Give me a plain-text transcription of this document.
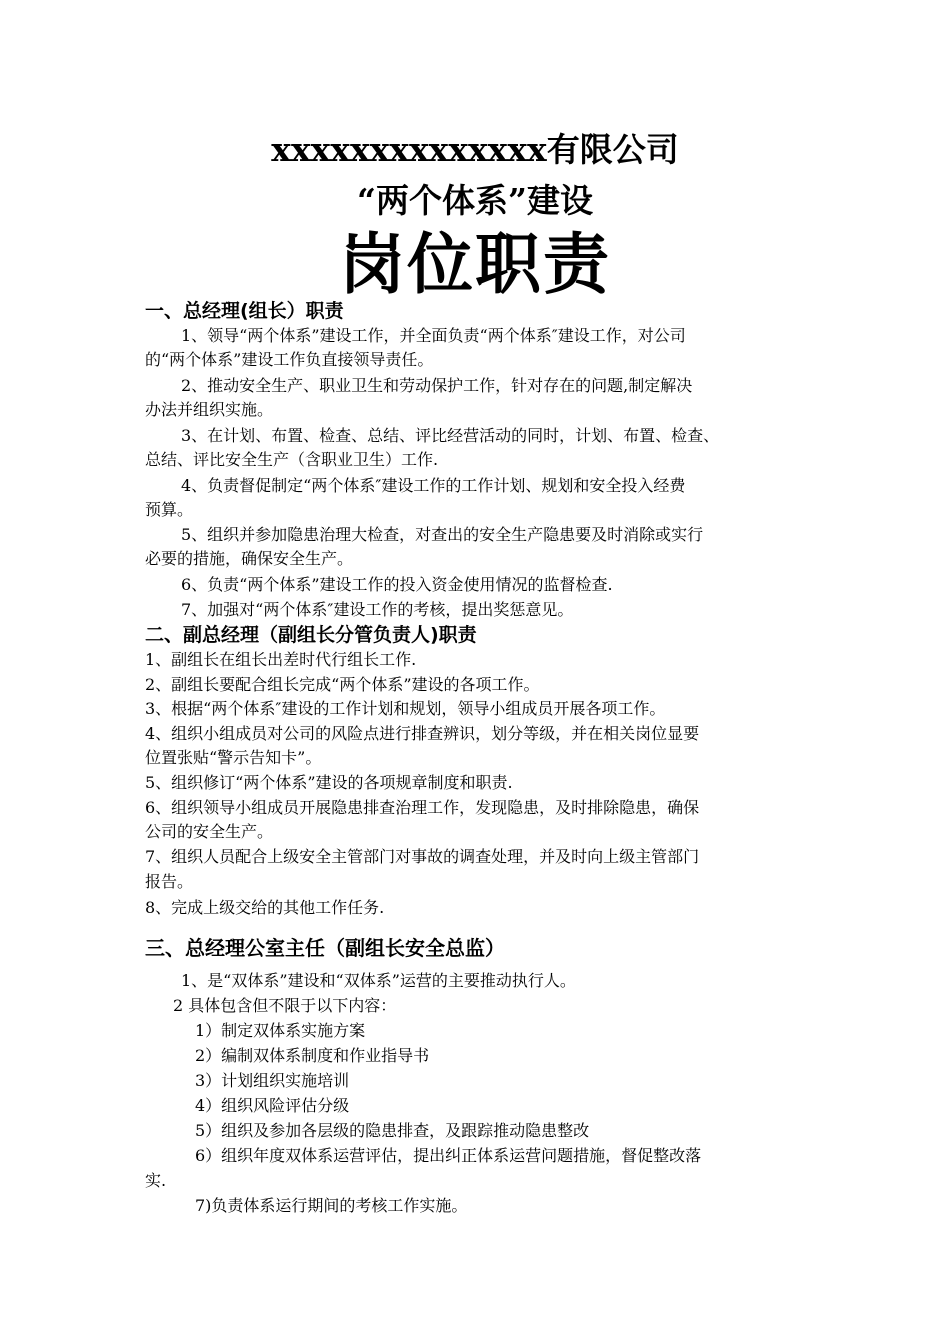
xxxxxxxxxxxxxx有限公司
“两个体系”建设
岗位职责
一、总经理(组长）职责
1、领导“两个体系”建设工作，并全面负责“两个体系″建设工作，对公司
的“两个体系”建设工作负直接领导责任。
2、推动安全生产、职业卫生和劳动保护工作，针对存在的问题,制定解决
办法并组织实施。
3、在计划、布置、检查、总结、评比经营活动的同时，计划、布置、检查、
总结、评比安全生产（含职业卫生）工作.
4、负责督促制定“两个体系″建设工作的工作计划、规划和安全投入经费
预算。
5、组织并参加隐患治理大检查，对查出的安全生产隐患要及时消除或实行
必要的措施，确保安全生产。
6、负责“两个体系”建设工作的投入资金使用情况的监督检查.
7、加强对“两个体系″建设工作的考核，提出奖惩意见。
二、副总经理（副组长分管负责人)职责
1、副组长在组长出差时代行组长工作.
2、副组长要配合组长完成“两个体系”建设的各项工作。
3、根据“两个体系″建设的工作计划和规划，领导小组成员开展各项工作。
4、组织小组成员对公司的风险点进行排查辨识，划分等级，并在相关岗位显要
位置张贴“警示告知卡”。
5、组织修订“两个体系”建设的各项规章制度和职责.
6、组织领导小组成员开展隐患排查治理工作，发现隐患，及时排除隐患，确保
公司的安全生产。
7、组织人员配合上级安全主管部门对事故的调查处理，并及时向上级主管部门
报告。
8、完成上级交给的其他工作任务.
三、总经理公室主任（副组长安全总监）
1、是“双体系”建设和“双体系”运营的主要推动执行人。
2 具体包含但不限于以下内容：
1）制定双体系实施方案
2）编制双体系制度和作业指导书
3）计划组织实施培训
4）组织风险评估分级
5）组织及参加各层级的隐患排查，及跟踪推动隐患整改
6）组织年度双体系运营评估，提出纠正体系运营问题措施，督促整改落
实.
7)负责体系运行期间的考核工作实施。
